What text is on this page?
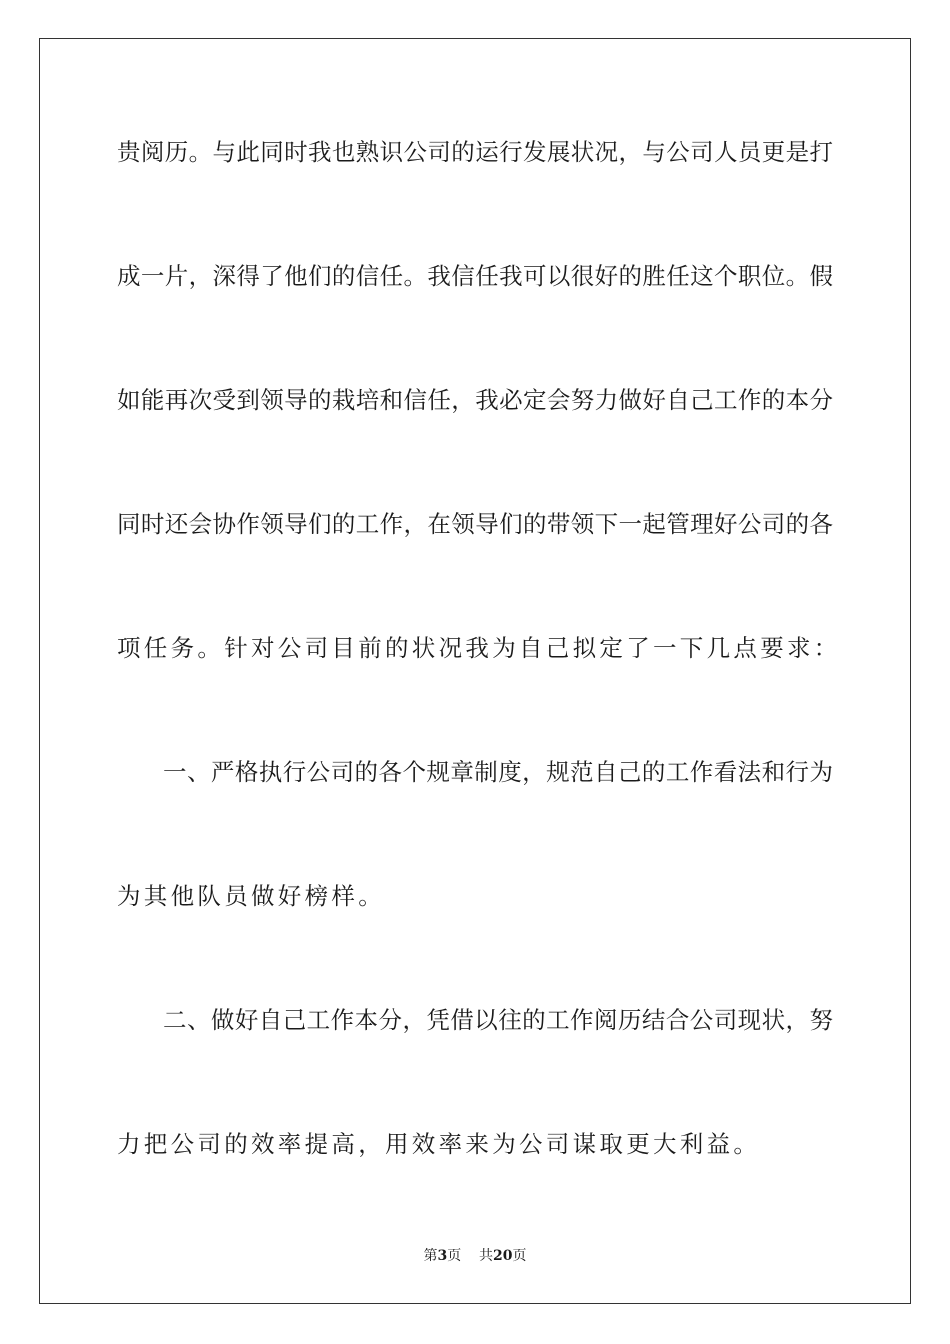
贵阅历。与此同时我也熟识公司的运行发展状况，与公司人员更是打
成一片，深得了他们的信任。我信任我可以很好的胜任这个职位。假
如能再次受到领导的栽培和信任，我必定会努力做好自己工作的本分
同时还会协作领导们的工作，在领导们的带领下一起管理好公司的各
项任务。针对公司目前的状况我为自己拟定了一下几点要求：
一、严格执行公司的各个规章制度，规范自己的工作看法和行为
为其他队员做好榜样。
二、做好自己工作本分，凭借以往的工作阅历结合公司现状，努
力把公司的效率提高，用效率来为公司谋取更大利益。
第3页 共20页
